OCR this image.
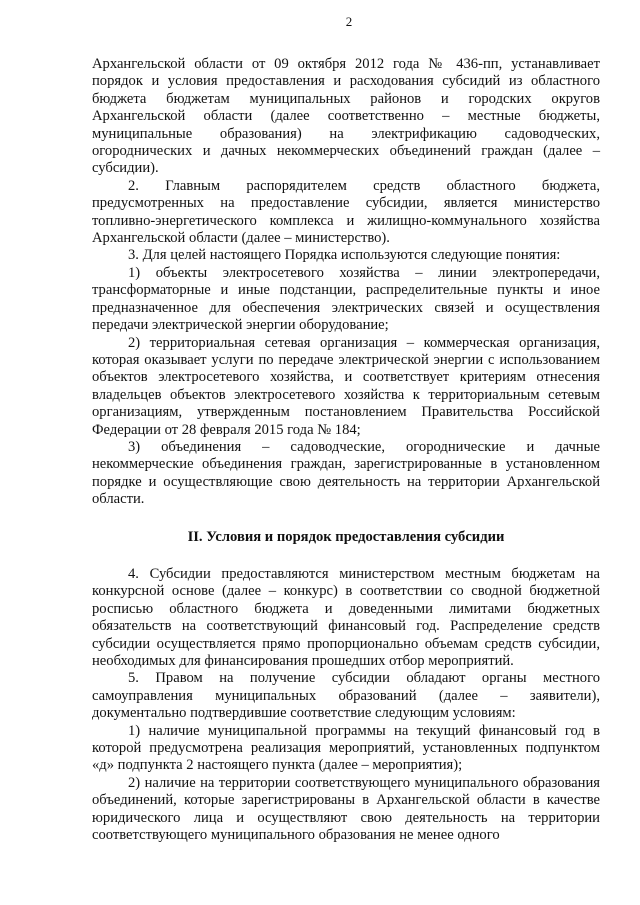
2

Архангельской области от 09 октября 2012 года № 436-пп, устанавливает порядок и условия предоставления и расходования субсидий из областного бюджета бюджетам муниципальных районов и городских округов Архангельской области (далее соответственно – местные бюджеты, муниципальные образования) на электрификацию садоводческих, огороднических и дачных некоммерческих объединений граждан (далее – субсидии).

2. Главным распорядителем средств областного бюджета, предусмотренных на предоставление субсидии, является министерство топливно-энергетического комплекса и жилищно-коммунального хозяйства Архангельской области (далее – министерство).

3. Для целей настоящего Порядка используются следующие понятия:

1) объекты электросетевого хозяйства – линии электропередачи, трансформаторные и иные подстанции, распределительные пункты и иное предназначенное для обеспечения электрических связей и осуществления передачи электрической энергии оборудование;

2) территориальная сетевая организация – коммерческая организация, которая оказывает услуги по передаче электрической энергии с использованием объектов электросетевого хозяйства, и соответствует критериям отнесения владельцев объектов электросетевого хозяйства к территориальным сетевым организациям, утвержденным постановлением Правительства Российской Федерации от 28 февраля 2015 года № 184;

3) объединения – садоводческие, огороднические и дачные некоммерческие объединения граждан, зарегистрированные в установленном порядке и осуществляющие свою деятельность на территории Архангельской области.

II. Условия и порядок предоставления субсидии

4. Субсидии предоставляются министерством местным бюджетам на конкурсной основе (далее – конкурс) в соответствии со сводной бюджетной росписью областного бюджета и доведенными лимитами бюджетных обязательств на соответствующий финансовый год. Распределение средств субсидии осуществляется прямо пропорционально объемам средств субсидии, необходимых для финансирования прошедших отбор мероприятий.

5. Правом на получение субсидии обладают органы местного самоуправления муниципальных образований (далее – заявители), документально подтвердившие соответствие следующим условиям:

1) наличие муниципальной программы на текущий финансовый год в которой предусмотрена реализация мероприятий, установленных подпунктом «д» подпункта 2 настоящего пункта (далее – мероприятия);

2) наличие на территории соответствующего муниципального образования объединений, которые зарегистрированы в Архангельской области в качестве юридического лица и осуществляют свою деятельность на территории соответствующего муниципального образования не менее одного
